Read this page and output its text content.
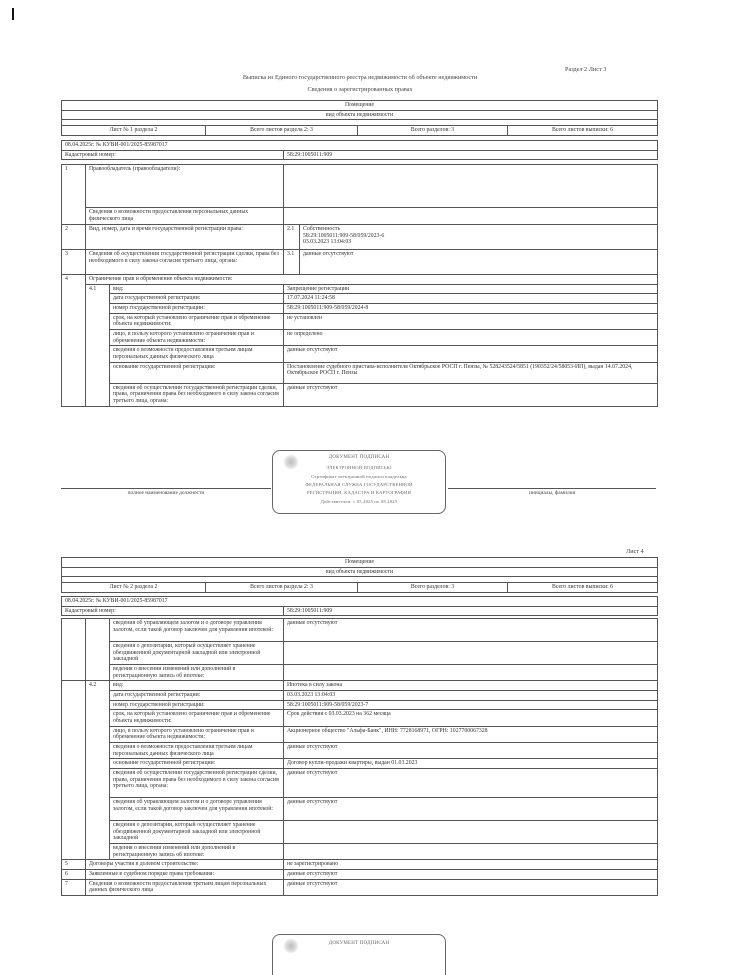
Раздел 2 Лист 3
Выписка из Единого государственного реестра недвижимости об объекте недвижимости
Сведения о зарегистрированных правах
Помещение
вид объекта недвижимости

Лист № 1 раздела 2	Всего листов раздела 2: 3	Всего разделов: 3	Всего листов выписки: 6
08.04.2025г. № КУВИ-001/2025-85987017
Кадастровый номер:	58:29:1005011:909
1	Правообладатель (правообладатели):			
	Сведения о возможности предоставления персональных данных физического лица			
2	Вид, номер, дата и время государственной регистрации права:		2.1	Собственность
58:29:1005011:909-58/059/2023-6
03.03.2023 13:04:03

3	Сведения об осуществлении государственной регистрации сделки, права без необходимого в силу закона согласия третьего лица, органа:		3.1	данные отсутствуют
4	Ограничение прав и обременение объекта недвижимости:			
	4.1	вид:	Запрещение регистрации	
		дата государственной регистрации:	17.07.2024 11:24:58	
		номер государственной регистрации:	58:29:1005011:909-58/059/2024-8	
		срок, на который установлено ограничение прав и обременение объекта недвижимости:	не установлен	
		лицо, в пользу которого установлено ограничение прав и обременение объекта недвижимости:	не определено	
		сведения о возможности предоставления третьим лицам персональных данных физического лица	данные отсутствуют	
		основание государственной регистрации:	Постановление судебного пристава-исполнителя Октябрьское РОСП г. Пензы, № 528243524/5851 (190352/24/58053-ИП), выдан 14.07.2024, Октябрьское РОСП г. Пензы	
		сведения об осуществлении государственной регистрации сделки, права, ограничения права без необходимого в силу закона согласия третьего лица, органа:	данные отсутствуют	
полное наименование должности	инициалы, фамилия
ДОКУМЕНТ ПОДПИСАН
ЭЛЕКТРОННОЙ ПОДПИСЬЮ
Сертификат электронной подписи владельца
ФЕДЕРАЛЬНАЯ СЛУЖБА ГОСУДАРСТВЕННОЙ
РЕГИСТРАЦИИ, КАДАСТРА И КАРТОГРАФИИ
Действителен: с 05.2025 по 08.2025
Лист 4
Помещение
вид объекта недвижимости

Лист № 2 раздела 2	Всего листов раздела 2: 3	Всего разделов: 3	Всего листов выписки: 6
08.04.2025г. № КУВИ-001/2025-85987017
Кадастровый номер:	58:29:1005011:909
		сведения об управляющем залогом и о договоре управления залогом, если такой договор заключен для управления ипотекой:	данные отсутствуют
		сведения о депозитарии, который осуществляет хранение обездвиженной документарной закладной или электронной закладной	
		ведения о внесении изменений или дополнений в регистрационную запись об ипотеке:	
	4.2	вид:	Ипотека в силу закона
		дата государственной регистрации:	03.03.2023 13:04:03
		номер государственной регистрации:	58:29:1005011:909-58/059/2023-7
		срок, на который установлено ограничение прав и обременение объекта недвижимости:	Срок действия с 03.03.2023 на 362 месяца
		лицо, в пользу которого установлено ограничение прав и обременение объекта недвижимости:	Акционерное общество "Альфа-Банк", ИНН: 7728168971, ОГРН: 1027700067328
		сведения о возможности предоставления третьим лицам персональных данных физического лица	данные отсутствуют
		основание государственной регистрации:	Договор купли-продажи квартиры, выдан 01.03.2023
		сведения об осуществлении государственной регистрации сделки, права, ограничения права без необходимого в силу закона согласия третьего лица, органа:	данные отсутствуют
		сведения об управляющем залогом и о договоре управления залогом, если такой договор заключен для управления ипотекой:	данные отсутствуют
		сведения о депозитарии, который осуществляет хранение обездвиженной документарной закладной или электронной закладной	
		ведения о внесении изменений или дополнений в регистрационную запись об ипотеке:	
5	Договоры участия в долевом строительстве:		не зарегистрировано
6	Заявленные в судебном порядке права требования:		данные отсутствуют
7	Сведения о возможности предоставления третьим лицам персональных данных физического лица		данные отсутствуют
ДОКУМЕНТ ПОДПИСАН
